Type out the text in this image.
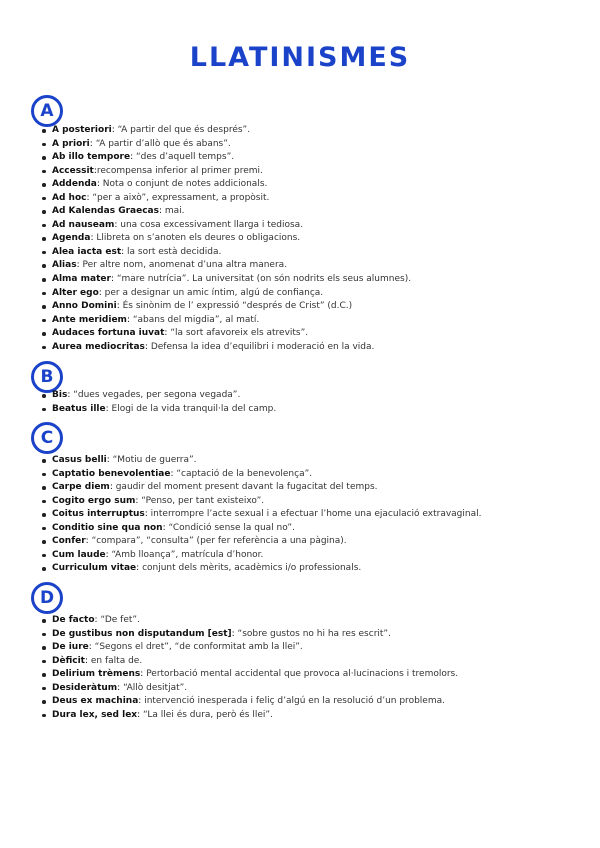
LLATINISMES
A
A posteriori: “A partir del que és després”.
A priori: “A partir d’allò que és abans”.
Ab illo tempore: “des d’aquell temps”.
Accessit:recompensa inferior al primer premi.
Addenda: Nota o conjunt de notes addicionals.
Ad hoc: “per a això”, expressament, a propòsit.
Ad Kalendas Graecas: mai.
Ad nauseam: una cosa excessivament llarga i tediosa.
Agenda: Llibreta on s’anoten els deures o obligacions.
Alea iacta est: la sort està decidida.
Alias: Per altre nom, anomenat d’una altra manera.
Alma mater: “mare nutrícia”. La universitat (on són nodrits els seus alumnes).
Alter ego: per a designar un amic íntim, algú de confiança.
Anno Domini: És sinònim de l’ expressió “després de Crist” (d.C.)
Ante meridiem: “abans del migdia”, al matí.
Audaces fortuna iuvat: “la sort afavoreix els atrevits”.
Aurea mediocritas: Defensa la idea d’equilibri i moderació en la vida.
B
Bis: “dues vegades, per segona vegada”.
Beatus ille: Elogi de la vida tranquil·la del camp.
C
Casus belli: “Motiu de guerra”.
Captatio benevolentiae: “captació de la benevolença”.
Carpe diem: gaudir del moment present davant la fugacitat del temps.
Cogito ergo sum: “Penso, per tant existeixo”.
Coitus interruptus: interrompre l’acte sexual i a efectuar l’home una ejaculació extravaginal.
Conditio sine qua non: “Condició sense la qual no”.
Confer: “compara”, “consulta” (per fer referència a una pàgina).
Cum laude: “Amb lloança”, matrícula d’honor.
Curriculum vitae: conjunt dels mèrits, acadèmics i/o professionals.
D
De facto: “De fet”.
De gustibus non disputandum [est]: “sobre gustos no hi ha res escrit”.
De iure: “Segons el dret”, “de conformitat amb la llei”.
Dèficit: en falta de.
Delirium trèmens: Pertorbació mental accidental que provoca al·lucinacions i tremolors.
Desideràtum: “Allò desitjat”.
Deus ex machina: intervenció inesperada i feliç d’algú en la resolució d’un problema.
Dura lex, sed lex: “La llei és dura, però és llei”.
